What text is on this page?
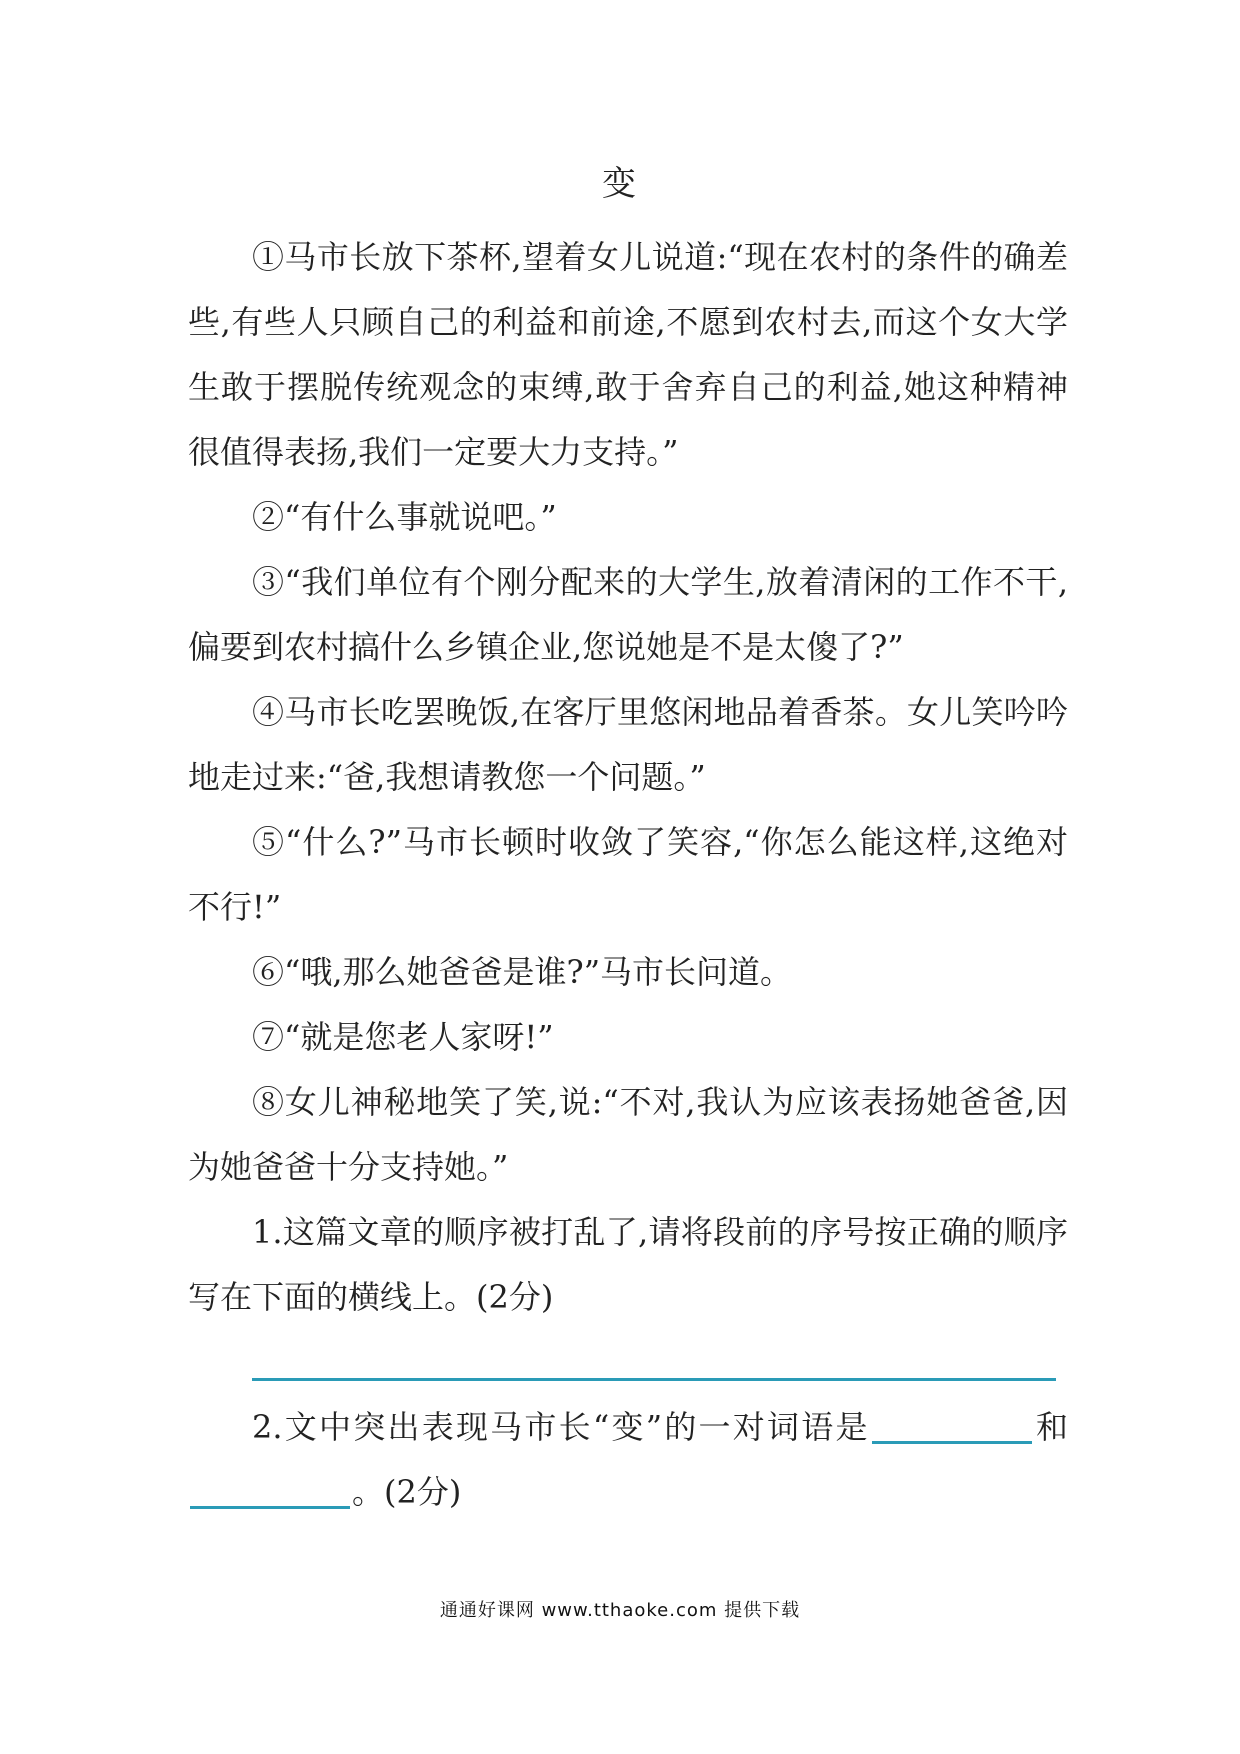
变

①马市长放下茶杯,望着女儿说道:“现在农村的条件的确差些,有些人只顾自己的利益和前途,不愿到农村去,而这个女大学生敢于摆脱传统观念的束缚,敢于舍弃自己的利益,她这种精神很值得表扬,我们一定要大力支持。”

②“有什么事就说吧。”

③“我们单位有个刚分配来的大学生,放着清闲的工作不干,偏要到农村搞什么乡镇企业,您说她是不是太傻了?”

④马市长吃罢晚饭,在客厅里悠闲地品着香茶。女儿笑吟吟地走过来:“爸,我想请教您一个问题。”

⑤“什么?”马市长顿时收敛了笑容,“你怎么能这样,这绝对不行!”

⑥“哦,那么她爸爸是谁?”马市长问道。

⑦“就是您老人家呀!”

⑧女儿神秘地笑了笑,说:“不对,我认为应该表扬她爸爸,因为她爸爸十分支持她。”

1.这篇文章的顺序被打乱了,请将段前的序号按正确的顺序写在下面的横线上。(2分)

2.文中突出表现马市长“变”的一对词语是	和。(2分)

通通好课网 www.tthaoke.com 提供下载
